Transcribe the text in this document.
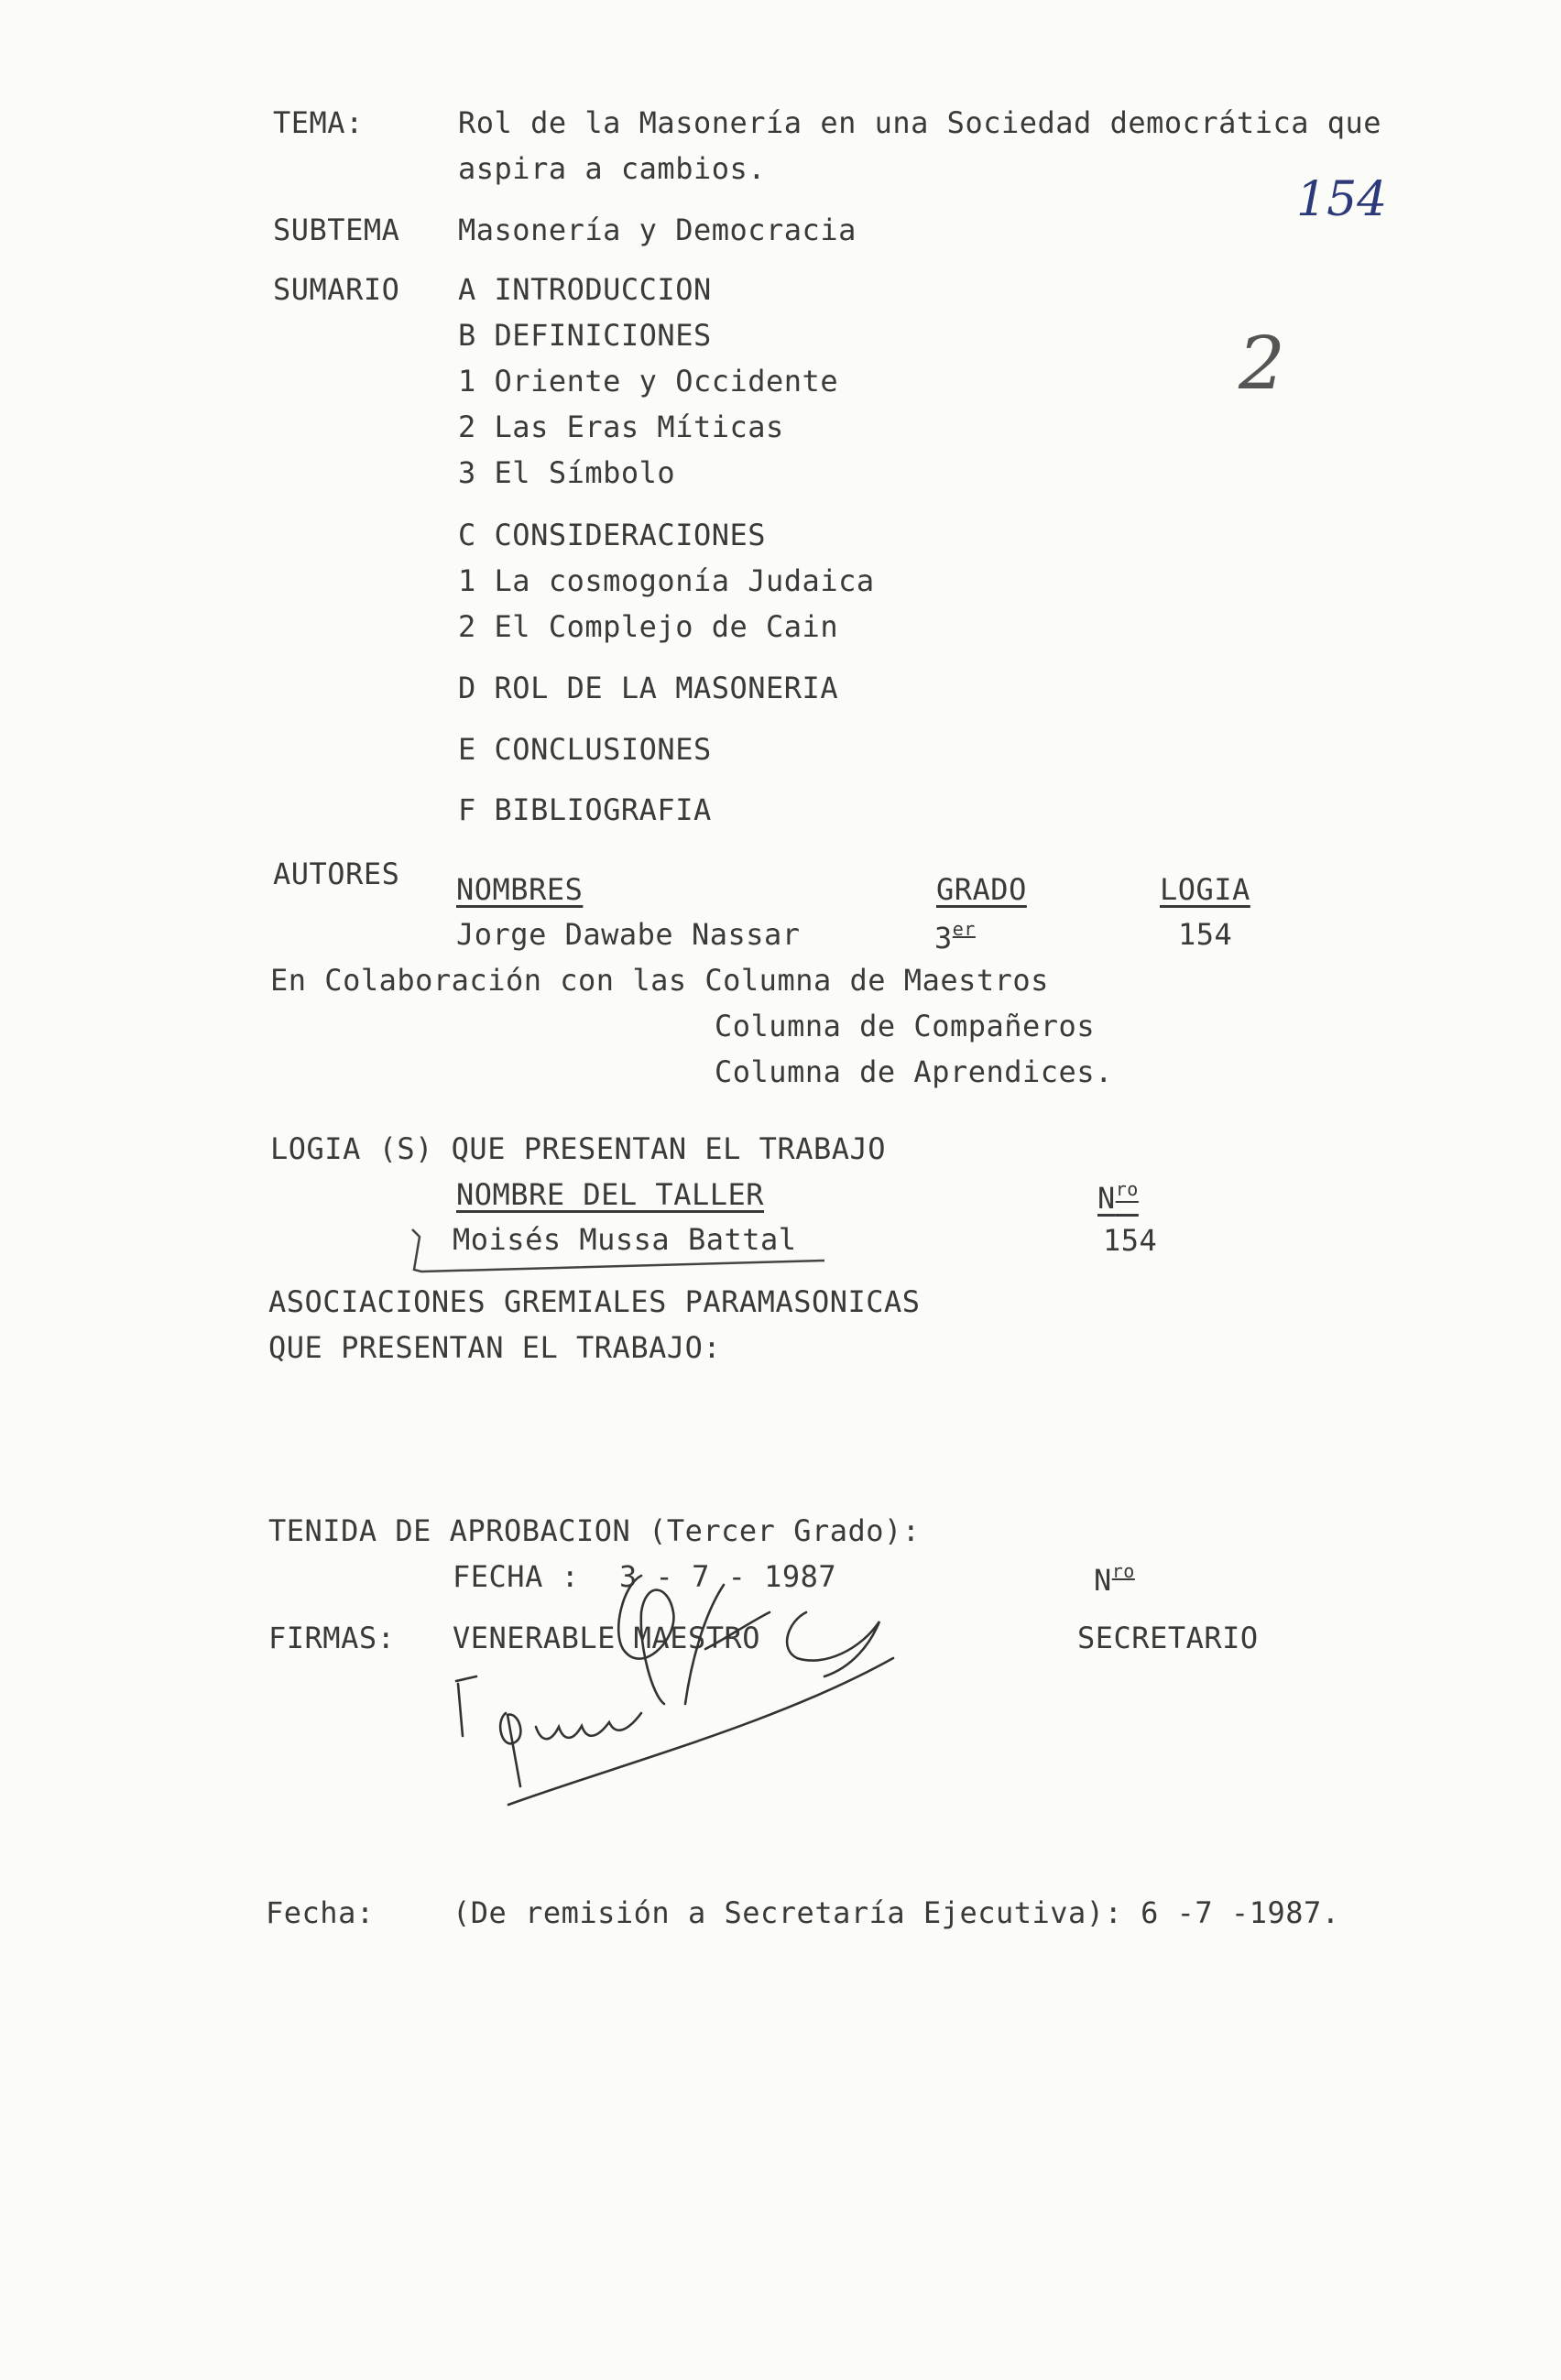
TEMA:	Rol de la Masonería en una Sociedad democrática que
aspira a cambios.
154
2
SUBTEMA Masonería y Democracia
SUMARIO A INTRODUCCION
B DEFINICIONES
1 Oriente y Occidente
2 Las Eras Míticas
3 El Símbolo
C CONSIDERACIONES
1 La cosmogonía Judaica
2 El Complejo de Cain
D ROL DE LA MASONERIA
E CONCLUSIONES
F BIBLIOGRAFIA
AUTORES NOMBRES	GRADO	LOGIA
Jorge Dawabe Nassar	3er	154
En Colaboración con las Columna de Maestros
Columna de Compañeros
Columna de Aprendices.
LOGIA (S) QUE PRESENTAN EL TRABAJO
NOMBRE DEL TALLER	$N^{ro}$
Moisés Mussa Battal	154
ASOCIACIONES GREMIALES PARAMASONICAS
QUE PRESENTAN EL TRABAJO:
TENIDA DE APROBACION (Tercer Grado):
FECHA : 3 - 7 - 1987	$N^{ro}$
FIRMAS: VENERABLE MAESTRO	SECRETARIO
Fecha:	(De remisión a Secretaría Ejecutiva): 6 -7 -1987.
